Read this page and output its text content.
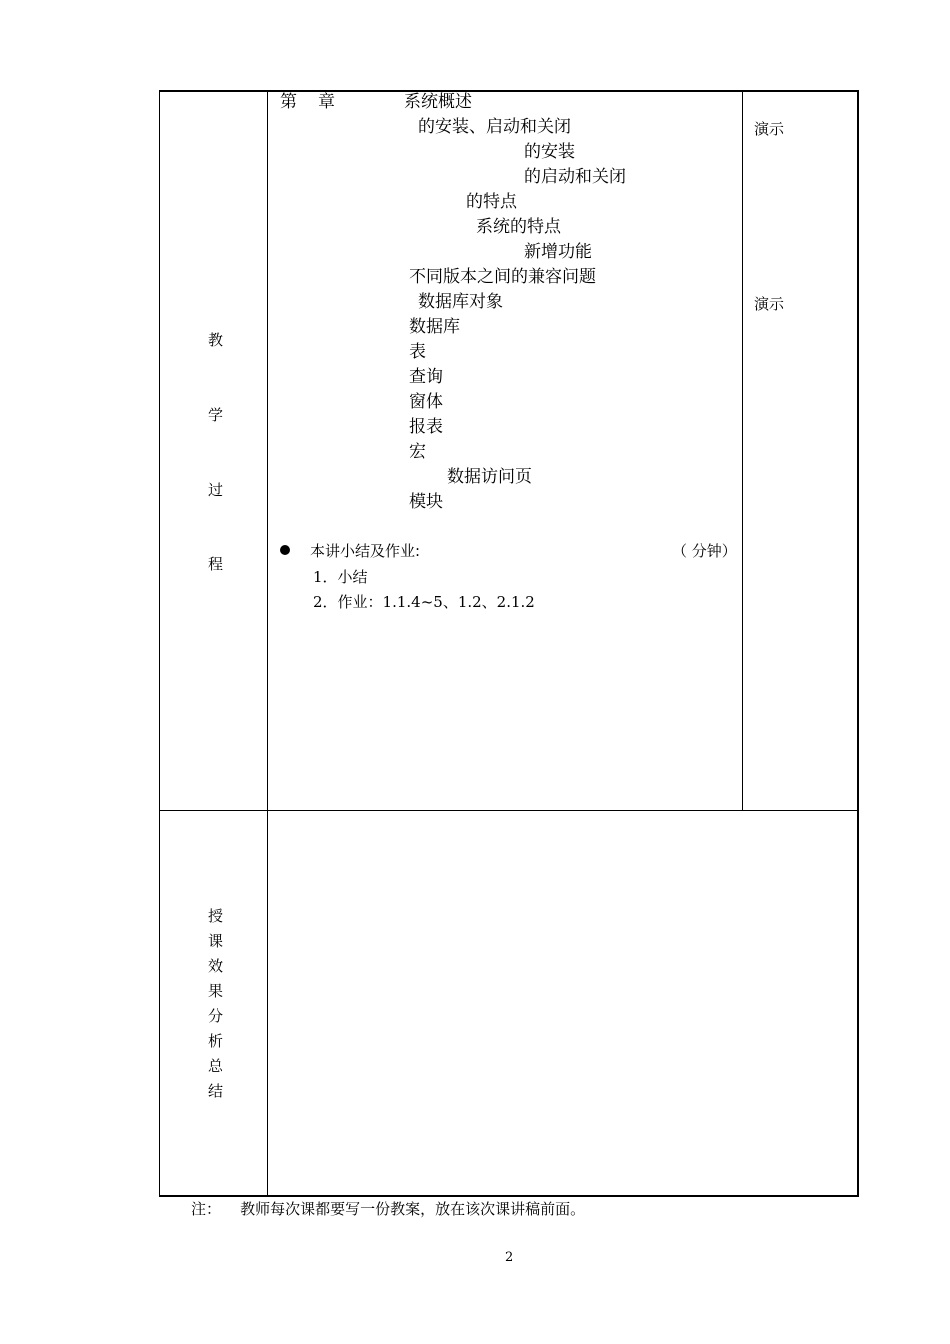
教
学
过
程
第 章	系统概述
的安装、启动和关闭
的安装
的启动和关闭
的特点
系统的特点
新增功能
不同版本之间的兼容问题
数据库对象
数据库
表
查询
窗体
报表
宏
数据访问页
模块
本讲小结及作业:	（ 分钟）
1．小结
2．作业：1.1.4~5、1.2、2.1.2
演示
演示
授
课
效
果
分
析
总
结
注：    教师每次课都要写一份教案，放在该次课讲稿前面。
2
